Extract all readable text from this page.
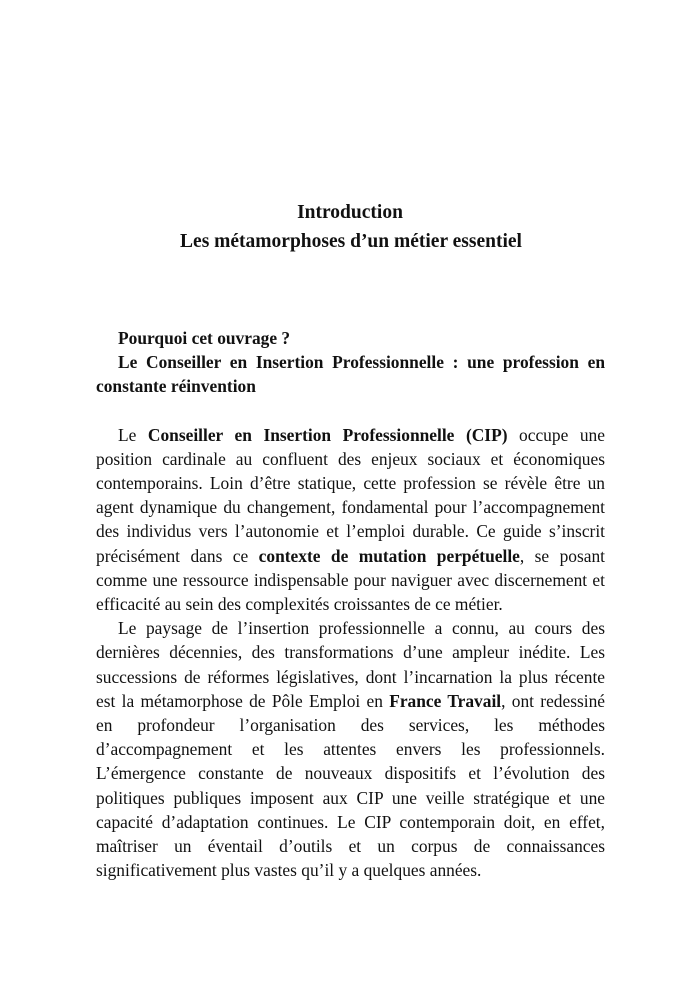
Introduction
Les métamorphoses d’un métier essentiel

Pourquoi cet ouvrage ?

Le Conseiller en Insertion Professionnelle : une profession en constante réinvention

Le Conseiller en Insertion Professionnelle (CIP) occupe une position cardinale au confluent des enjeux sociaux et économiques contemporains. Loin d’être statique, cette profession se révèle être un agent dynamique du changement, fondamental pour l’accompagnement des individus vers l’autonomie et l’emploi durable. Ce guide s’inscrit précisément dans ce contexte de mutation perpétuelle, se posant comme une ressource indispensable pour naviguer avec discernement et efficacité au sein des complexités croissantes de ce métier.

Le paysage de l’insertion professionnelle a connu, au cours des dernières décennies, des transformations d’une ampleur inédite. Les successions de réformes législatives, dont l’incarnation la plus récente est la métamorphose de Pôle Emploi en France Travail, ont redessiné en profondeur l’organisation des services, les méthodes d’accompagnement et les attentes envers les professionnels. L’émergence constante de nouveaux dispositifs et l’évolution des politiques publiques imposent aux CIP une veille stratégique et une capacité d’adaptation continues. Le CIP contemporain doit, en effet, maîtriser un éventail d’outils et un corpus de connaissances significativement plus vastes qu’il y a quelques années.
